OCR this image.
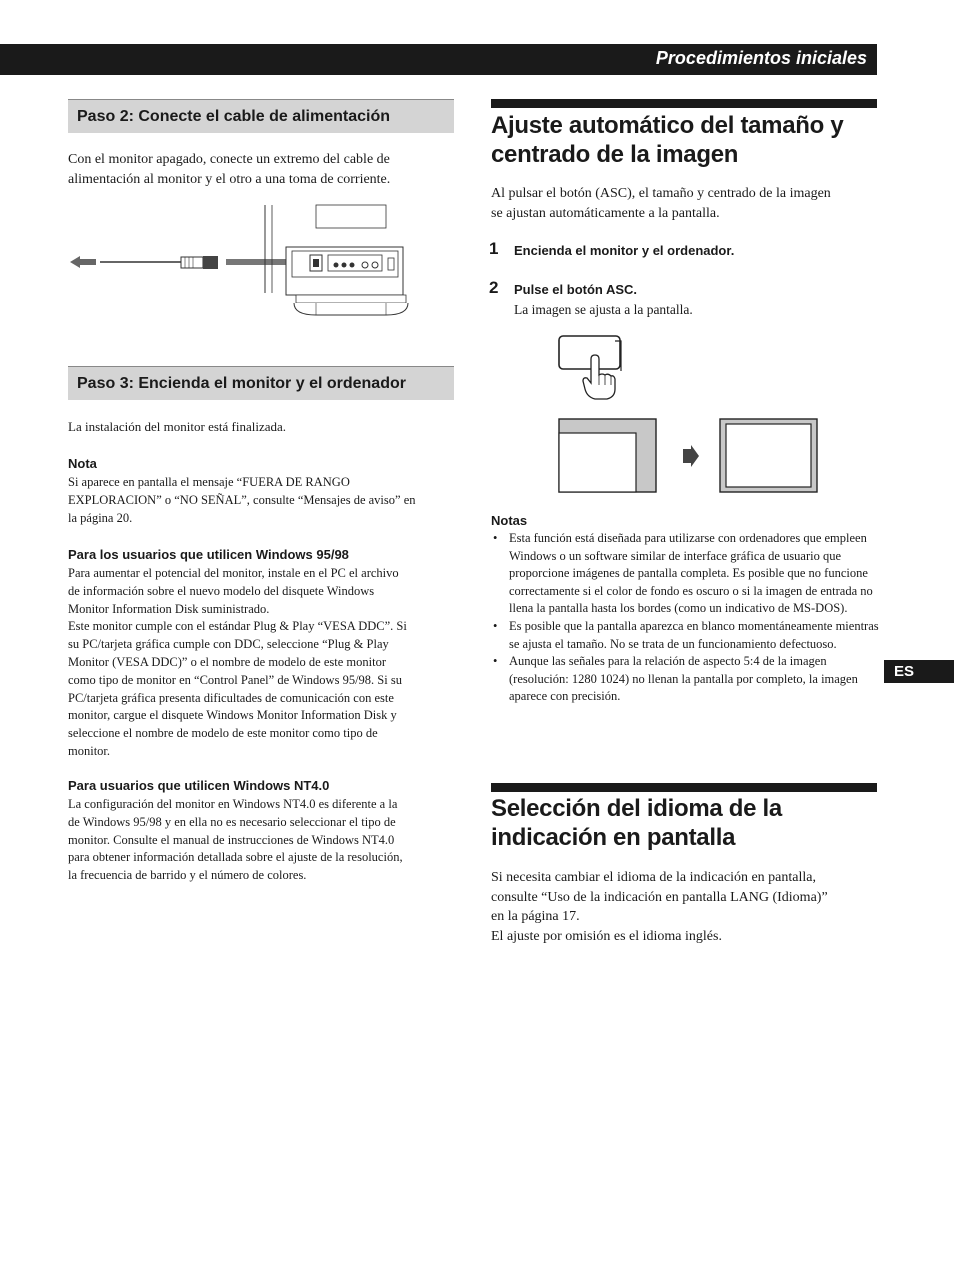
Procedimientos iniciales
ES
Paso 2: Conecte el cable de alimentación
Con el monitor apagado, conecte un extremo del cable de
alimentación al monitor y el otro a una toma de corriente.
Paso 3: Encienda el monitor y el ordenador
La instalación del monitor está finalizada.
Nota
Si aparece en pantalla el mensaje “FUERA DE RANGO
EXPLORACION” o “NO SEÑAL”, consulte “Mensajes de aviso” en
la página 20.
Para los usuarios que utilicen Windows 95/98
Para aumentar el potencial del monitor, instale en el PC el archivo
de información sobre el nuevo modelo del disquete Windows
Monitor Information Disk suministrado.
Este monitor cumple con el estándar Plug & Play “VESA DDC”. Si
su PC/tarjeta gráfica cumple con DDC, seleccione “Plug & Play
Monitor (VESA DDC)” o el nombre de modelo de este monitor
como tipo de monitor en “Control Panel” de Windows 95/98. Si su
PC/tarjeta gráfica presenta dificultades de comunicación con este
monitor, cargue el disquete Windows Monitor Information Disk y
seleccione el nombre de modelo de este monitor como tipo de
monitor.
Para usuarios que utilicen Windows NT4.0
La configuración del monitor en Windows NT4.0 es diferente a la
de Windows 95/98 y en ella no es necesario seleccionar el tipo de
monitor. Consulte el manual de instrucciones de Windows NT4.0
para obtener información detallada sobre el ajuste de la resolución,
la frecuencia de barrido y el número de colores.
Ajuste automático del tamaño y
centrado de la imagen
Al pulsar el botón (ASC), el tamaño y centrado de la imagen
se ajustan automáticamente a la pantalla.
1 Encienda el monitor y el ordenador.
2 Pulse el botón ASC.
La imagen se ajusta a la pantalla.
Notas
• Esta función está diseñada para utilizarse con ordenadores que empleen Windows o un software similar de interface gráfica de usuario que proporcione imágenes de pantalla completa. Es posible que no funcione correctamente si el color de fondo es oscuro o si la imagen de entrada no llena la pantalla hasta los bordes (como un indicativo de MS-DOS).
• Es posible que la pantalla aparezca en blanco momentáneamente mientras se ajusta el tamaño. No se trata de un funcionamiento defectuoso.
• Aunque las señales para la relación de aspecto 5:4 de la imagen (resolución: 1280 1024) no llenan la pantalla por completo, la imagen aparece con precisión.
Selección del idioma de la
indicación en pantalla
Si necesita cambiar el idioma de la indicación en pantalla,
consulte “Uso de la indicación en pantalla LANG (Idioma)”
en la página 17.
El ajuste por omisión es el idioma inglés.
